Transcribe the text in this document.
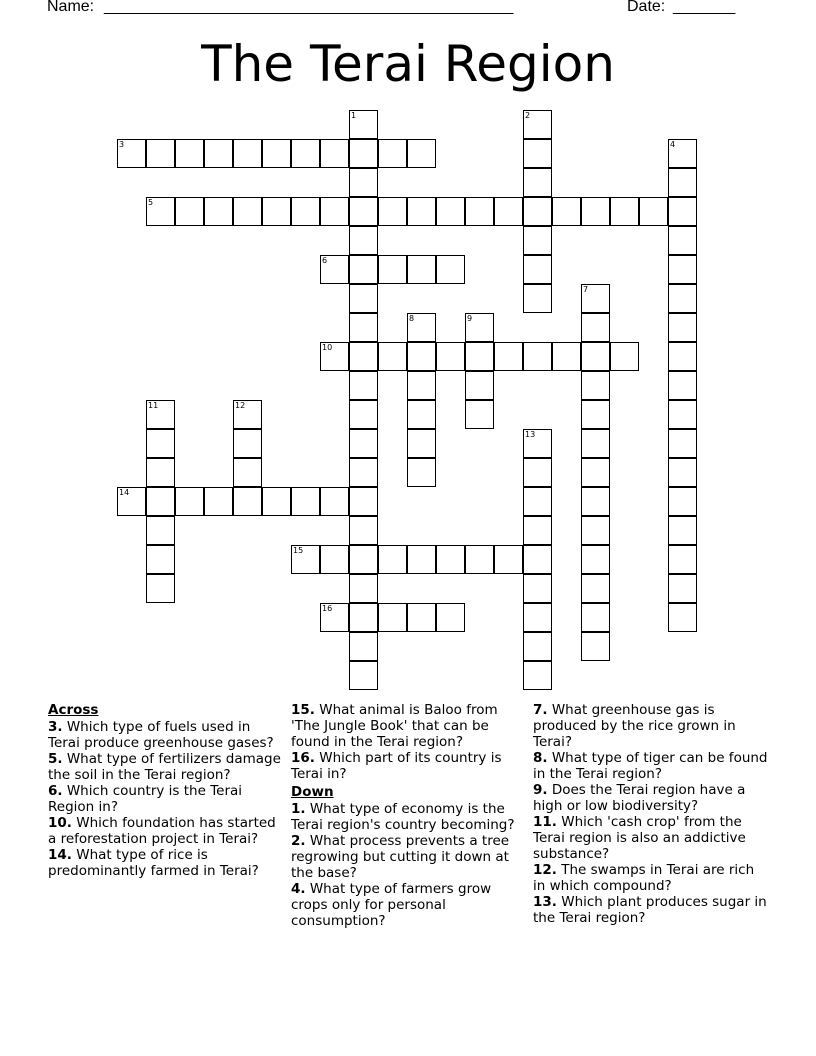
Name: ______________________________________________	Date: _______
The Terai Region
1	2
3	4
5
6
7
8	9
10
11	12
13
14
15
16
Across
3. Which type of fuels used in Terai produce greenhouse gases?
5. What type of fertilizers damage the soil in the Terai region?
6. Which country is the Terai Region in?
10. Which foundation has started a reforestation project in Terai?
14. What type of rice is predominantly farmed in Terai?
15. What animal is Baloo from 'The Jungle Book' that can be found in the Terai region?
16. Which part of its country is Terai in?
Down
1. What type of economy is the Terai region's country becoming?
2. What process prevents a tree regrowing but cutting it down at the base?
4. What type of farmers grow crops only for personal consumption?
7. What greenhouse gas is produced by the rice grown in Terai?
8. What type of tiger can be found in the Terai region?
9. Does the Terai region have a high or low biodiversity?
11. Which 'cash crop' from the Terai region is also an addictive substance?
12. The swamps in Terai are rich in which compound?
13. Which plant produces sugar in the Terai region?
